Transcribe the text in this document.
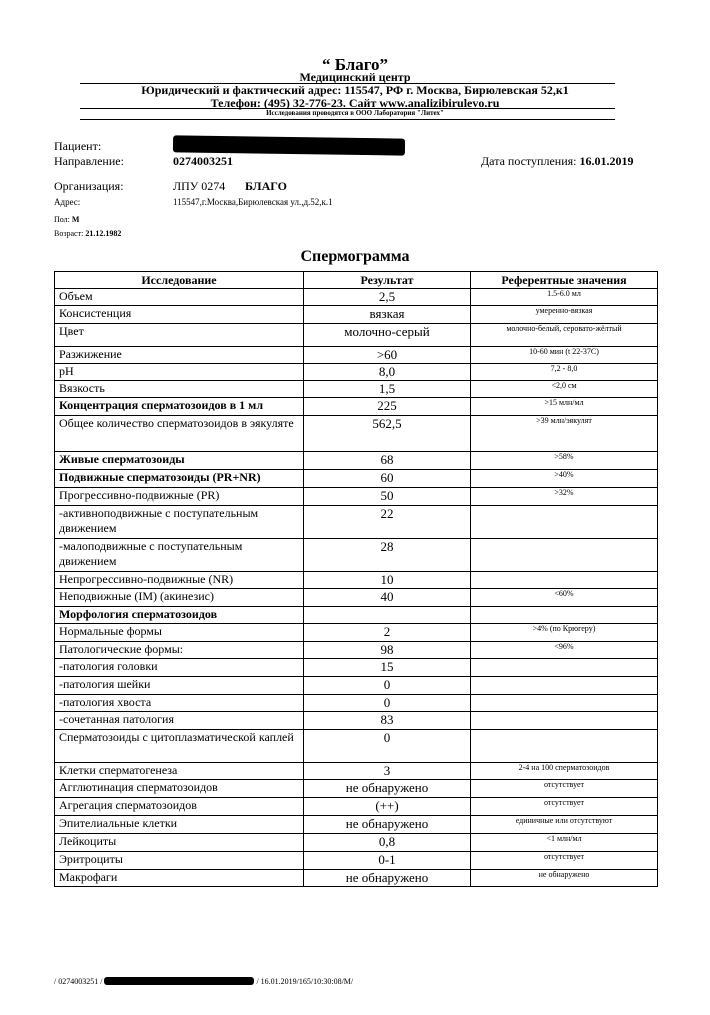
“ Благо”
Медицинский центр
Юридический и фактический адрес: 115547, РФ г. Москва, Бирюлевская 52,к1
Телефон: (495) 32-776-23. Сайт www.analizibirulevo.ru
Исследования проводятся в ООО Лаборатория "Литех"
Пациент:
Направление:	0274003251	Дата поступления: 16.01.2019
Организация:	ЛПУ 0274 БЛАГО
Адрес:	115547,г.Москва,Бирюлевская ул.,д.52,к.1
Пол: М
Возраст: 21.12.1982
Спермограмма
Исследование	Результат	Референтные значения
Объем	2,5	1.5-6.0 мл
Консистенция	вязкая	умеренно-вязкая
Цвет	молочно-серый	молочно-белый, серовато-жёлтый
Разжижение	>60	10-60 мин (t 22-37С)
pH	8,0	7,2 - 8,0
Вязкость	1,5	<2,0 см
Концентрация сперматозоидов в 1 мл	225	>15 млн/мл
Общее количество сперматозоидов в эякуляте	562,5	>39 млн/эякулят
Живые сперматозоиды	68	>58%
Подвижные сперматозоиды (PR+NR)	60	>40%
Прогрессивно-подвижные (PR)	50	>32%
-активноподвижные с поступательным движением	22	
-малоподвижные с поступательным движением	28	
Непрогрессивно-подвижные (NR)	10	
Неподвижные (IM) (акинезис)	40	<60%
Морфология сперматозоидов		
Нормальные формы	2	>4% (по Крюгеру)
Патологические формы:	98	<96%
-патология головки	15	
-патология шейки	0	
-патология хвоста	0	
-сочетанная патология	83	
Сперматозоиды с цитоплазматической каплей	0	
Клетки сперматогенеза	3	2-4 на 100 сперматозоидов
Агглютинация сперматозоидов	не обнаружено	отсутствует
Агрегация сперматозоидов	(++)	отсутствует
Эпителиальные клетки	не обнаружено	единичные или отсутствуют
Лейкоциты	0,8	<1 млн/мл
Эритроциты	0-1	отсутствует
Макрофаги	не обнаружено	не обнаружено
/ 0274003251 /	/ 16.01.2019/165/10:30:08/М/
